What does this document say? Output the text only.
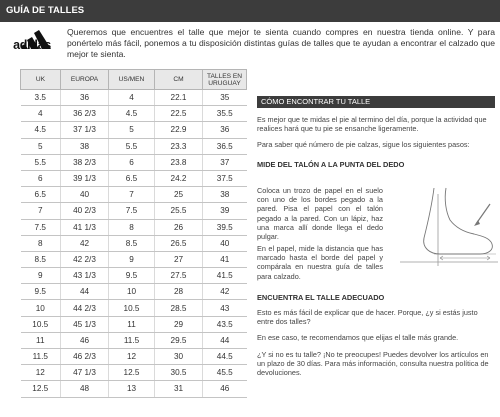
GUÍA DE TALLES
adidas
Queremos que encuentres el talle que mejor te sienta cuando compres en nuestra tienda online. Y para ponértelo más fácil, ponemos a tu disposición distintas guías de talles que te ayudan a encontrar el calzado que mejor te sienta.
UK	EUROPA	US/MEN	CM	TALLES EN URUGUAY
3.5	36	4	22.1	35
4	36 2/3	4.5	22.5	35.5
4.5	37 1/3	5	22.9	36
5	38	5.5	23.3	36.5
5.5	38 2/3	6	23.8	37
6	39 1/3	6.5	24.2	37.5
6.5	40	7	25	38
7	40 2/3	7.5	25.5	39
7.5	41 1/3	8	26	39.5
8	42	8.5	26.5	40
8.5	42 2/3	9	27	41
9	43 1/3	9.5	27.5	41.5
9.5	44	10	28	42
10	44 2/3	10.5	28.5	43
10.5	45 1/3	11	29	43.5
11	46	11.5	29.5	44
11.5	46 2/3	12	30	44.5
12	47 1/3	12.5	30.5	45.5
12.5	48	13	31	46
CÓMO ENCONTRAR TU TALLE
Es mejor que te midas el pie al termino del día, porque la actividad que realices hará que tu pie se ensanche ligeramente.
Para saber qué número de pie calzas, sigue los siguientes pasos:
MIDE DEL TALÓN A LA PUNTA DEL DEDO
Coloca un trozo de papel en el suelo con uno de los bordes pegado a la pared. Pisa el papel con el talón pegado a la pared. Con un lápiz, haz una marca allí donde llega el dedo pulgar.
En el papel, mide la distancia que has marcado hasta el borde del papel y compárala en nuestra guía de talles para calzado.
ENCUENTRA EL TALLE ADECUADO
Esto es más fácil de explicar que de hacer. Porque, ¿y si estás justo entre dos talles?
En ese caso, te recomendamos que elijas el talle más grande.
¿Y si no es tu talle? ¡No te preocupes! Puedes devolver los artículos en un plazo de 30 días. Para más información, consulta nuestra política de devoluciones.
